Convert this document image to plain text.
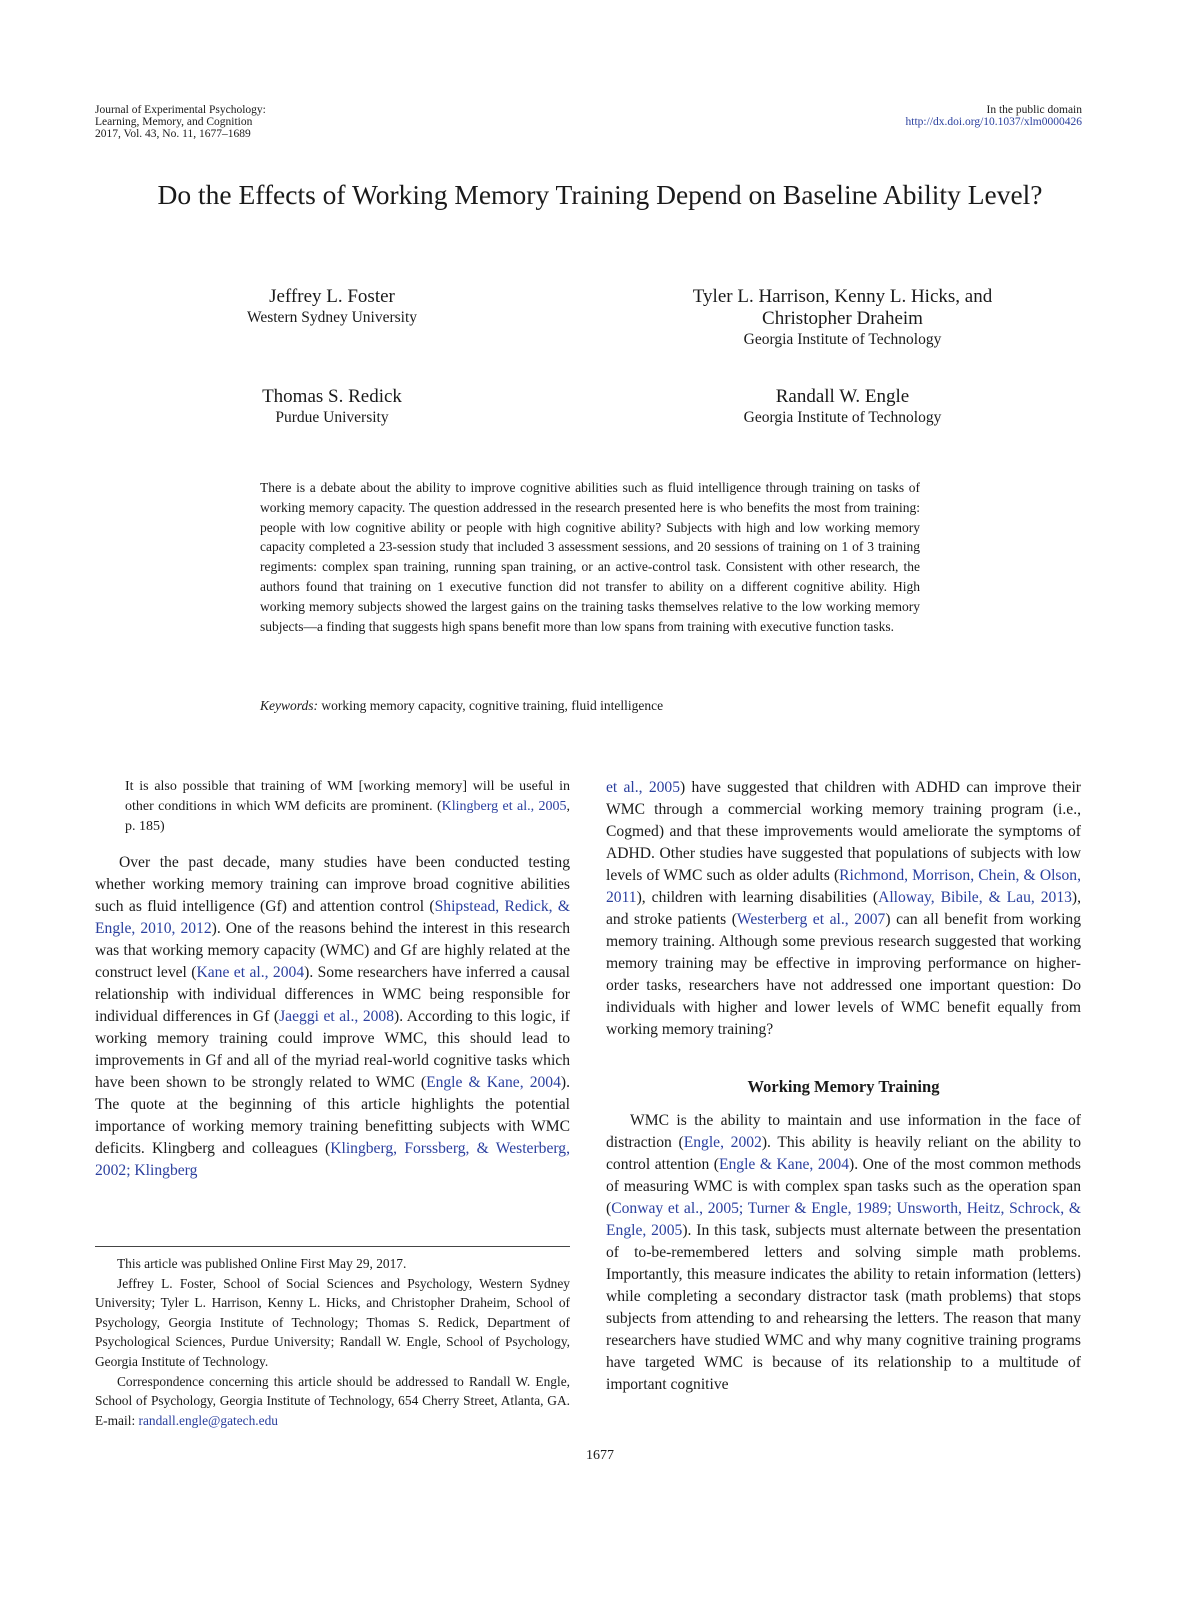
Journal of Experimental Psychology:
Learning, Memory, and Cognition
2017, Vol. 43, No. 11, 1677–1689
In the public domain
http://dx.doi.org/10.1037/xlm0000426
Do the Effects of Working Memory Training Depend on Baseline Ability Level?
Jeffrey L. Foster
Western Sydney University
Tyler L. Harrison, Kenny L. Hicks, and
Christopher Draheim
Georgia Institute of Technology
Thomas S. Redick
Purdue University
Randall W. Engle
Georgia Institute of Technology
There is a debate about the ability to improve cognitive abilities such as fluid intelligence through training on tasks of working memory capacity. The question addressed in the research presented here is who benefits the most from training: people with low cognitive ability or people with high cognitive ability? Subjects with high and low working memory capacity completed a 23-session study that included 3 assessment sessions, and 20 sessions of training on 1 of 3 training regiments: complex span training, running span training, or an active-control task. Consistent with other research, the authors found that training on 1 executive function did not transfer to ability on a different cognitive ability. High working memory subjects showed the largest gains on the training tasks themselves relative to the low working memory subjects—a finding that suggests high spans benefit more than low spans from training with executive function tasks.
Keywords: working memory capacity, cognitive training, fluid intelligence
It is also possible that training of WM [working memory] will be useful in other conditions in which WM deficits are prominent. (Klingberg et al., 2005, p. 185)

Over the past decade, many studies have been conducted testing whether working memory training can improve broad cognitive abilities such as fluid intelligence (Gf) and attention control (Shipstead, Redick, & Engle, 2010, 2012). One of the reasons behind the interest in this research was that working memory capacity (WMC) and Gf are highly related at the construct level (Kane et al., 2004). Some researchers have inferred a causal relationship with individual differences in WMC being responsible for individual differences in Gf (Jaeggi et al., 2008). According to this logic, if working memory training could improve WMC, this should lead to improvements in Gf and all of the myriad real-world cognitive tasks which have been shown to be strongly related to WMC (Engle & Kane, 2004). The quote at the beginning of this article highlights the potential importance of working memory training benefitting subjects with WMC deficits. Klingberg and colleagues (Klingberg, Forssberg, & Westerberg, 2002; Klingberg

This article was published Online First May 29, 2017.

Jeffrey L. Foster, School of Social Sciences and Psychology, Western Sydney University; Tyler L. Harrison, Kenny L. Hicks, and Christopher Draheim, School of Psychology, Georgia Institute of Technology; Thomas S. Redick, Department of Psychological Sciences, Purdue University; Randall W. Engle, School of Psychology, Georgia Institute of Technology.

Correspondence concerning this article should be addressed to Randall W. Engle, School of Psychology, Georgia Institute of Technology, 654 Cherry Street, Atlanta, GA. E-mail: randall.engle@gatech.edu

et al., 2005) have suggested that children with ADHD can improve their WMC through a commercial working memory training program (i.e., Cogmed) and that these improvements would ameliorate the symptoms of ADHD. Other studies have suggested that populations of subjects with low levels of WMC such as older adults (Richmond, Morrison, Chein, & Olson, 2011), children with learning disabilities (Alloway, Bibile, & Lau, 2013), and stroke patients (Westerberg et al., 2007) can all benefit from working memory training. Although some previous research suggested that working memory training may be effective in improving performance on higher-order tasks, researchers have not addressed one important question: Do individuals with higher and lower levels of WMC benefit equally from working memory training?

Working Memory Training

WMC is the ability to maintain and use information in the face of distraction (Engle, 2002). This ability is heavily reliant on the ability to control attention (Engle & Kane, 2004). One of the most common methods of measuring WMC is with complex span tasks such as the operation span (Conway et al., 2005; Turner & Engle, 1989; Unsworth, Heitz, Schrock, & Engle, 2005). In this task, subjects must alternate between the presentation of to-be-remembered letters and solving simple math problems. Importantly, this measure indicates the ability to retain information (letters) while completing a secondary distractor task (math problems) that stops subjects from attending to and rehearsing the letters. The reason that many researchers have studied WMC and why many cognitive training programs have targeted WMC is because of its relationship to a multitude of important cognitive

1677
